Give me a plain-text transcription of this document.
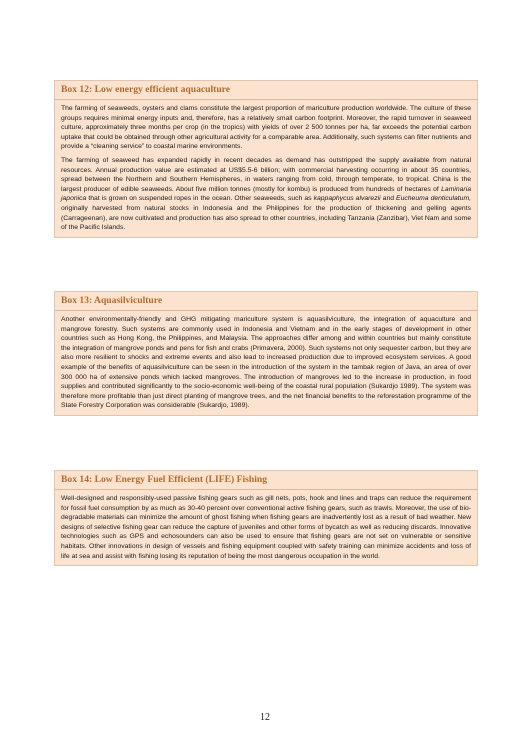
Box 12: Low energy efficient aquaculture

The farming of seaweeds, oysters and clams constitute the largest proportion of mariculture production worldwide. The culture of these groups requires minimal energy inputs and, therefore, has a relatively small carbon footprint. Moreover, the rapid turnover in seaweed culture, approximately three months per crop (in the tropics) with yields of over 2 500 tonnes per ha, far exceeds the potential carbon uptake that could be obtained through other agricultural activity for a comparable area. Additionally, such systems can filter nutrients and provide a “cleaning service” to coastal marine environments.

The farming of seaweed has expanded rapidly in recent decades as demand has outstripped the supply available from natural resources. Annual production value are estimated at US$5.5-6 billion; with commercial harvesting occurring in about 35 countries, spread between the Northern and Southern Hemispheres, in waters ranging from cold, through temperate, to tropical. China is the largest producer of edible seaweeds. About five million tonnes (mostly for kombu) is produced from hundreds of hectares of Laminaria japonica that is grown on suspended ropes in the ocean. Other seaweeds, such as kappaphycus alvarezii and Eucheuma denticulatum, originally harvested from natural stocks in Indonesia and the Philippines for the production of thickening and gelling agents (Carrageenan), are now cultivated and production has also spread to other countries, including Tanzania (Zanzibar), Viet Nam and some of the Pacific Islands.

Box 13: Aquasilviculture

Another environmentally-friendly and GHG mitigating mariculture system is aquasilviculture, the integration of aquaculture and mangrove forestry. Such systems are commonly used in Indonesia and Vietnam and in the early stages of development in other countries such as Hong Kong, the Philippines, and Malaysia. The approaches differ among and within countries but mainly constitute the integration of mangrove ponds and pens for fish and crabs (Primavera, 2000). Such systems not only sequester carbon, but they are also more resilient to shocks and extreme events and also lead to increased production due to improved ecosystem services. A good example of the benefits of aquasilviculture can be seen in the introduction of the system in the tambak region of Java, an area of over 300 000 ha of extensive ponds which lacked mangroves. The introduction of mangroves led to the increase in production, in food supplies and contributed significantly to the socio-economic well-being of the coastal rural population (Sukardjo 1989). The system was therefore more profitable than just direct planting of mangrove trees, and the net financial benefits to the reforestation programme of the State Forestry Corporation was considerable (Sukardjo, 1989).

Box 14: Low Energy Fuel Efficient (LIFE) Fishing

Well-designed and responsibly-used passive fishing gears such as gill nets, pots, hook and lines and traps can reduce the requirement for fossil fuel consumption by as much as 30-40 percent over conventional active fishing gears, such as trawls. Moreover, the use of bio-degradable materials can minimize the amount of ghost fishing when fishing gears are inadvertently lost as a result of bad weather. New designs of selective fishing gear can reduce the capture of juveniles and other forms of bycatch as well as reducing discards. Innovative technologies such as GPS and echosounders can also be used to ensure that fishing gears are not set on vulnerable or sensitive habitats. Other innovations in design of vessels and fishing equipment coupled with safety training can minimize accidents and loss of life at sea and assist with fishing losing its reputation of being the most dangerous occupation in the world.

12
